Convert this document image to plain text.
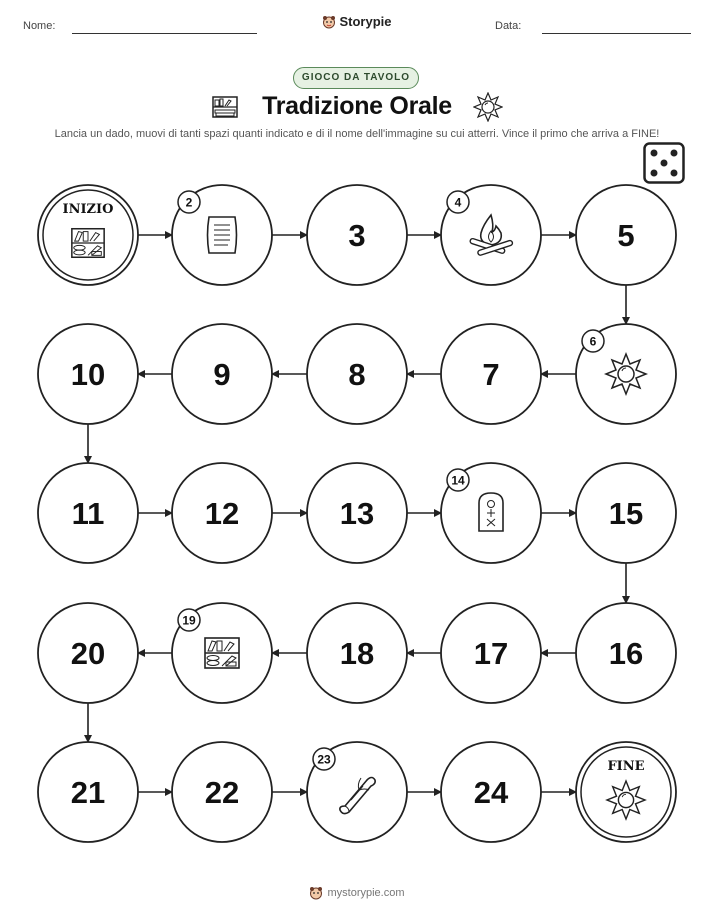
Nome:	Storypie	Data:
GIOCO DA TAVOLO
Tradizione Orale
Lancia un dado, muovi di tanti spazi quanti indicato e di il nome dell'immagine su cui atterri. Vince il primo che arriva a FINE!
INIZIO	2
3
4
5
6
7
8
9
10
11	12	13
14
15
16
17
18
19
20
21	22
23
24
FINE
mystorypie.com
